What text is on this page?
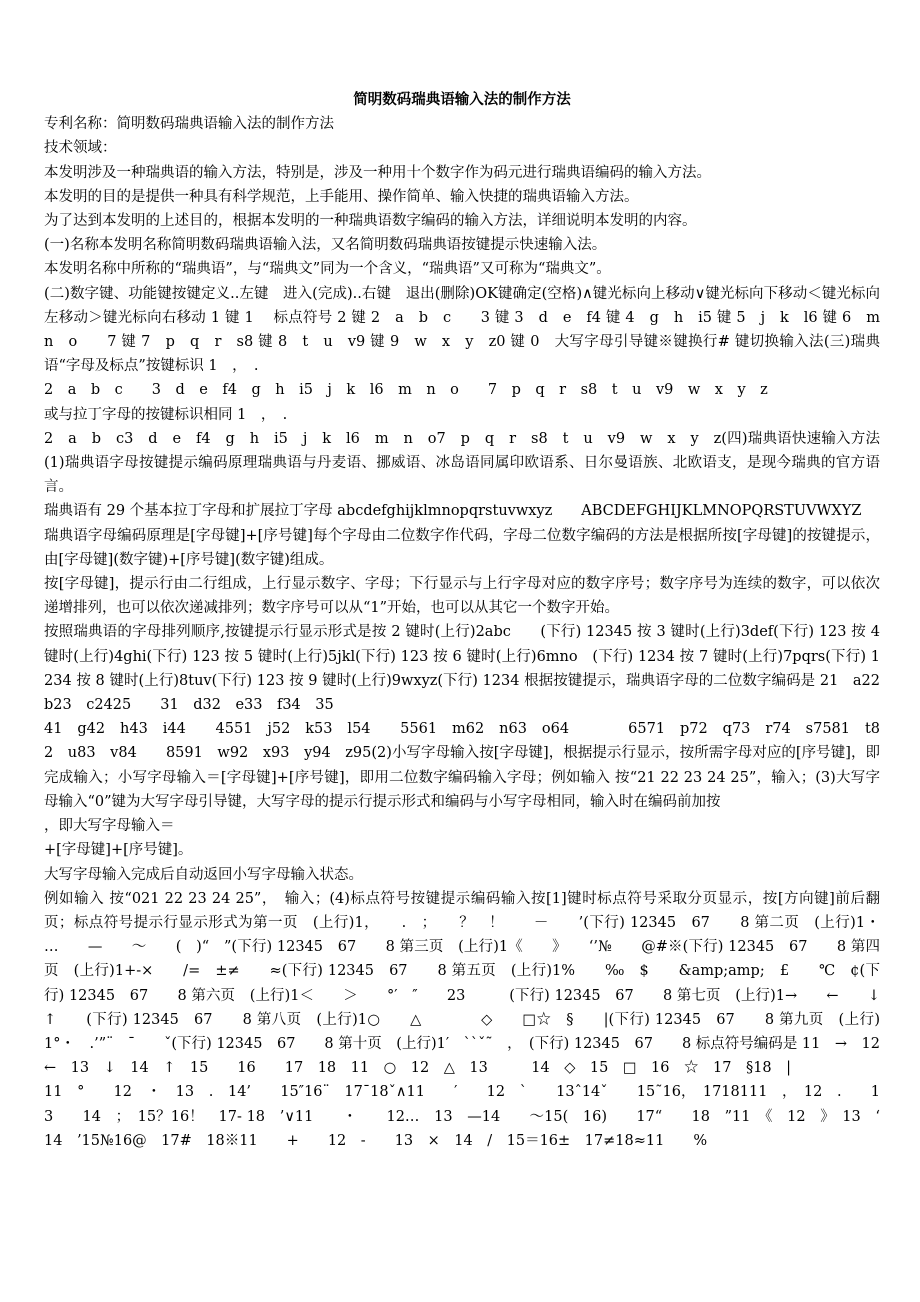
简明数码瑞典语输入法的制作方法

专利名称：简明数码瑞典语输入法的制作方法

技术领域：

本发明涉及一种瑞典语的输入方法，特别是，涉及一种用十个数字作为码元进行瑞典语编码的输入方法。

本发明的目的是提供一种具有科学规范，上手能用、操作简单、输入快捷的瑞典语输入方法。

为了达到本发明的上述目的，根据本发明的一种瑞典语数字编码的输入方法，详细说明本发明的内容。

(一)名称本发明名称简明数码瑞典语输入法，又名简明数码瑞典语按键提示快速输入法。

本发明名称中所称的“瑞典语”，与“瑞典文”同为一个含义，“瑞典语”又可称为“瑞典文”。

(二)数字键、功能键按键定义..左键　进入(完成)..右键　退出(删除)OK键确定(空格)∧键光标向上移动∨键光标向下移动＜键光标向左移动＞键光标向右移动 1 键 1　 标点符号 2 键 2　a　b　c　　3 键 3　d　e　f4 键 4　g　h　i5 键 5　j　k　l6 键 6　m　n　o　　7 键 7　p　q　r　s8 键 8　t　u　v9 键 9　w　x　y　z0 键 0　大写字母引导键※键换行# 键切换输入法(三)瑞典语“字母及标点”按键标识 1　，　.

2　a　b　c　　3　d　e　f4　g　h　i5　j　k　l6　m　n　o　　7　p　q　r　s8　t　u　v9　w　x　y　z

或与拉丁字母的按键标识相同 1　，　.

2　a　b　c3　d　e　f4　g　h　i5　j　k　l6　m　n　o7　p　q　r　s8　t　u　v9　w　x　y　z(四)瑞典语快速输入方法(1)瑞典语字母按键提示编码原理瑞典语与丹麦语、挪威语、冰岛语同属印欧语系、日尔曼语族、北欧语支，是现今瑞典的官方语言。

瑞典语有 29 个基本拉丁字母和扩展拉丁字母 abcdefghijklmnopqrstuvwxyz　　ABCDEFGHIJKLMNOPQRSTUVWXYZ

瑞典语字母编码原理是[字母键]+[序号键]每个字母由二位数字作代码，字母二位数字编码的方法是根据所按[字母键]的按键提示，由[字母键](数字键)+[序号键](数字键)组成。

按[字母键]，提示行由二行组成，上行显示数字、字母；下行显示与上行字母对应的数字序号；数字序号为连续的数字，可以依次递增排列，也可以依次递减排列；数字序号可以从“1”开始，也可以从其它一个数字开始。

按照瑞典语的字母排列顺序,按键提示行显示形式是按 2 键时(上行)2abc　　(下行) 12345 按 3 键时(上行)3def(下行) 123 按 4 键时(上行)4ghi(下行) 123 按 5 键时(上行)5jkl(下行) 123 按 6 键时(上行)6mno　(下行) 1234 按 7 键时(上行)7pqrs(下行) 1234 按 8 键时(上行)8tuv(下行) 123 按 9 键时(上行)9wxyz(下行) 1234 根据按键提示，瑞典语字母的二位数字编码是 21　a22　b23　c2425　　31　d32　e33　f34　35

41　g42　h43　i44　　4551　j52　k53　l54　　5561　m62　n63　o64　　　　6571　p72　q73　r74　s7581　t82　u83　v84　　8591　w92　x93　y94　z95(2)小写字母输入按[字母键]，根据提示行显示，按所需字母对应的[序号键]，即完成输入；小写字母输入＝[字母键]+[序号键]，即用二位数字编码输入字母；例如输入 按“21 22 23 24 25”，输入；(3)大写字母输入“0”键为大写字母引导键，大写字母的提示行提示形式和编码与小写字母相同，输入时在编码前加按

，即大写字母输入＝

+[字母键]+[序号键]。

大写字母输入完成后自动返回小写字母输入状态。

例如输入 按“021 22 23 24 25”，　输入；(4)标点符号按键提示编码输入按[1]键时标点符号采取分页显示，按[方向键]前后翻页；标点符号提示行显示形式为第一页　(上行)1，　　.　；　　？　！　　－　　’(下行) 12345　67　　8 第二页　(上行)1・　　…　　—　　～　　(　)“　”(下行) 12345　67　　8 第三页　(上行)1《　　》　　‘’№　　@#※(下行) 12345　67　　8 第四页　(上行)1+-×　　/=　±≠　　≈(下行) 12345　67　　8 第五页　(上行)1%　　‰　$　　&amp;amp;　£　　℃　¢(下行) 12345　67　　8 第六页　(上行)1＜　　＞　　°′　″　　23　　　(下行) 12345　67　　8 第七页　(上行)1→　　←　　↓　　↑　　(下行) 12345　67　　8 第八页　(上行)1○　　△　　　　◇　　□☆　§　　|(下行) 12345　67　　8 第九页　(上行)1°・　.’”¨　¯　　ˇ(下行) 12345　67　　8 第十页　(上行)1′　``ˇ˜　，　(下行) 12345　67　　8 标点符号编码是 11　→　12　←　13　↓　14　↑　15　　16　　17　18　11　○　12　△　13　　　14　◇　15　□　16　☆　17　§18　|

11　°　　12　・　13　.　14’　　15″16¨　17¯18ˇ∧11　　′　　12　`　　13ˆ14ˇ　　15˜16，　1718111　，　12　.　　13　　14　；　15？16！　17- 18　’∨11　　・　　12…　13　—14　　～15(　16)　　17“　　18　”11　《　12　》　13　‘　14　’15№16@　17#　18※11　　+　　12　-　　13　×　14　/　15＝16±　17≠18≈11　　%
